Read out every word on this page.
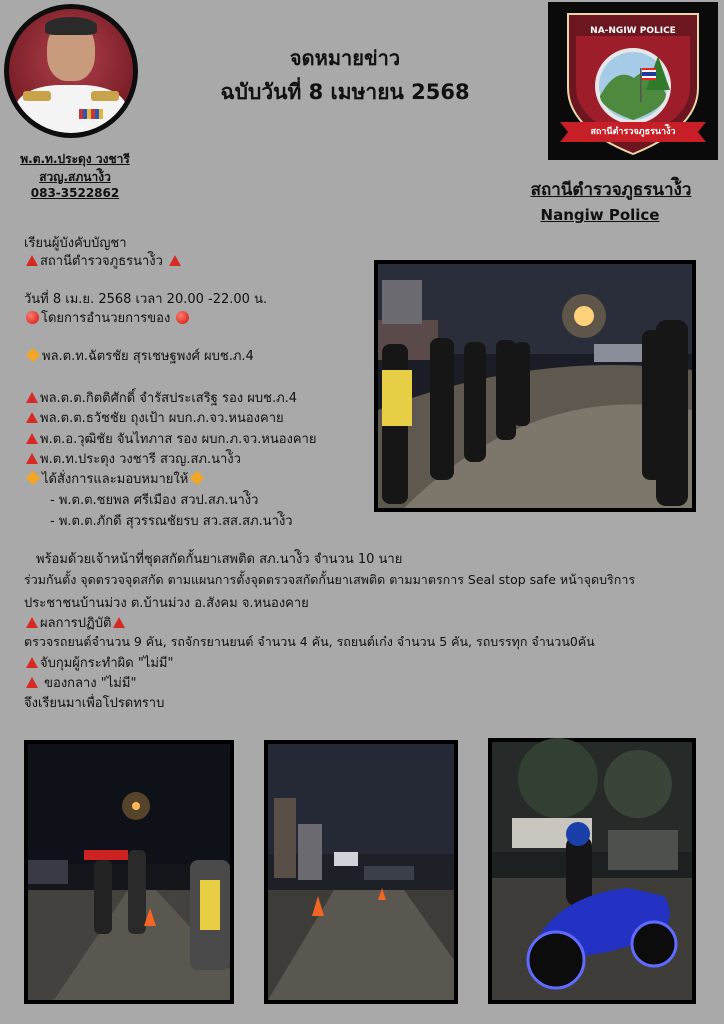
พ.ต.ท.ประดุง วงชารี
สวญ.สภนาง้ิว
083-3522862
จดหมายข่าว
ฉบับวันที่ 8 เมษายน 2568
NA-NGIW POLICE
สถานีตำรวจภูธรนาง้ิว
สถานีตำรวจภูธรนาง้ิว
Nangiw Police
เรียนผู้บังคับบัญชา
สถานีตำรวจภูธรนาง้ิว
วันที่ 8 เม.ย. 2568 เวลา 20.00 -22.00 น.
โดยการอำนวยการของ
พล.ต.ท.ฉัตรชัย สุรเชษฐพงศ์ ผบช.ภ.4
พล.ต.ต.กิตติศักดิ์ จำรัสประเสริฐ รอง ผบช.ภ.4
พล.ต.ต.ธวัชชัย ถุงเป้า ผบก.ภ.จว.หนองคาย
พ.ต.อ.วุฒิชัย จันไทภาส รอง ผบก.ภ.จว.หนองคาย
พ.ต.ท.ประดุง วงชารี สวญ.สภ.นาง้ิว
ได้สั่งการและมอบหมายให้
- พ.ต.ต.ชยพล ศรีเมือง สวป.สภ.นาง้ิว
- พ.ต.ต.ภักดี สุวรรณชัยรบ สว.สส.สภ.นาง้ิว
พร้อมด้วยเจ้าหน้าที่ชุดสกัดกั้นยาเสพติด สภ.นาง้ิว จำนวน 10 นาย
ร่วมกันตั้ง จุดตรวจจุดสกัด ตามแผนการตั้งจุดตรวจสกัดกั้นยาเสพติด ตามมาตรการ Seal stop safe หน้าจุดบริการ
ประชาชนบ้านม่วง ต.บ้านม่วง อ.สังคม จ.หนองคาย
ผลการปฏิบัติ
ตรวจรถยนต์จำนวน 9 คัน, รถจักรยานยนต์ จำนวน 4 คัน, รถยนต์เก๋ง จำนวน 5 คัน, รถบรรทุก จำนวน0คัน
จับกุมผู้กระทำผิด "ไม่มี"
ของกลาง "ไม่มี"
จึงเรียนมาเพื่อโปรดทราบ
